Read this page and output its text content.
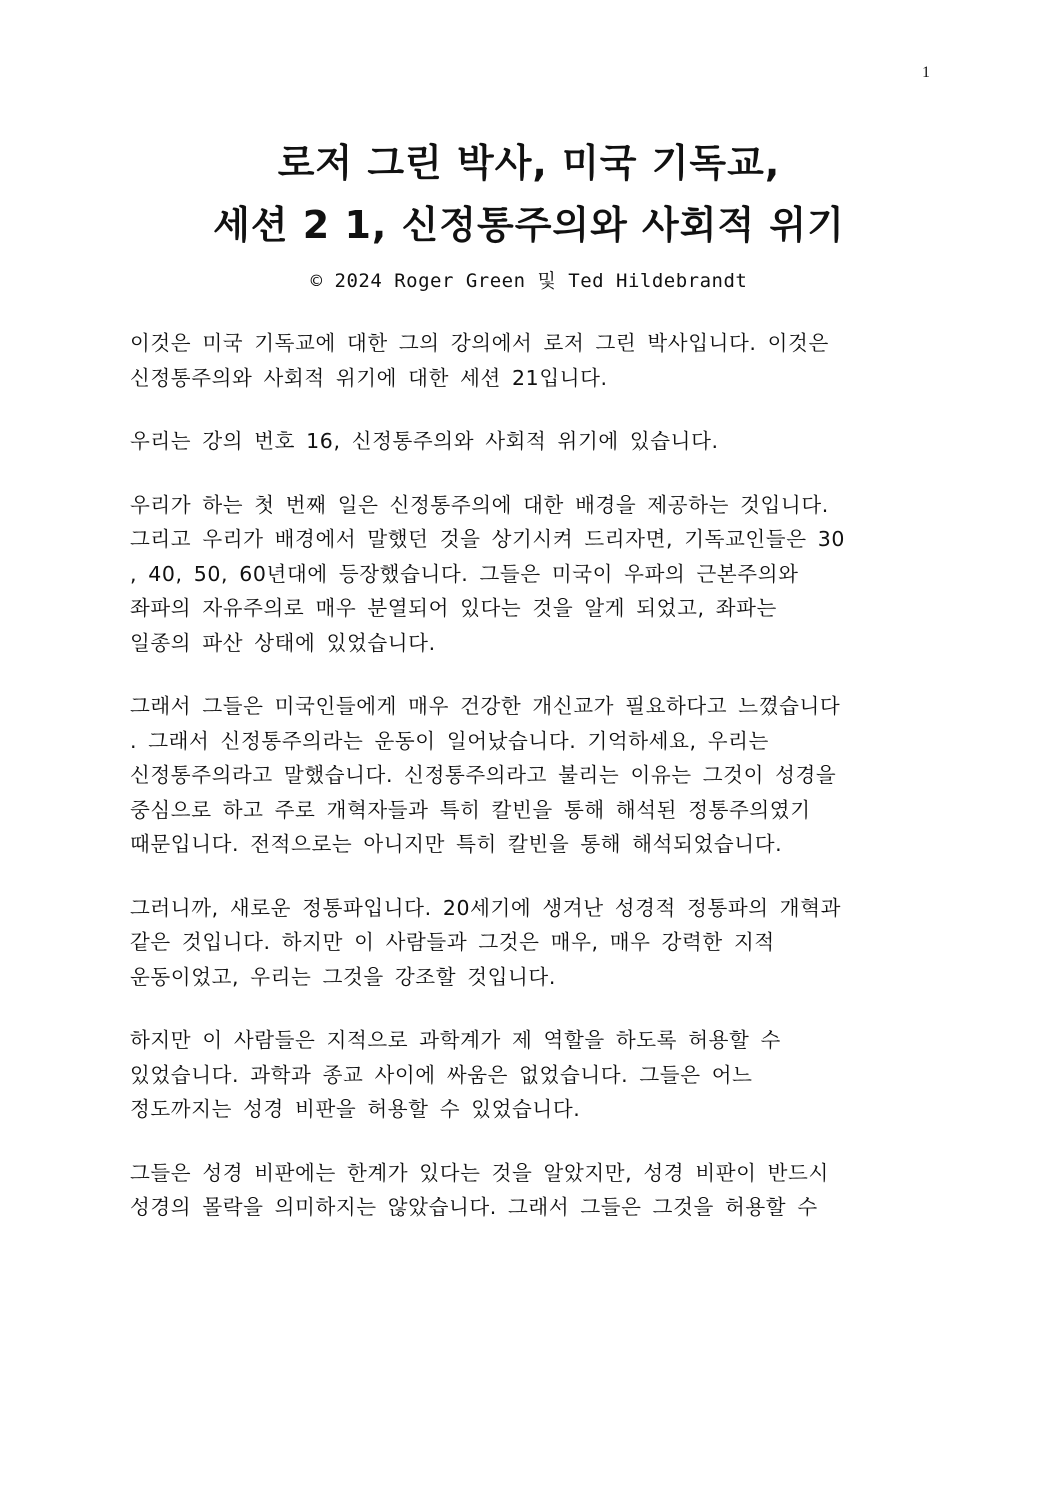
1
로저 그린 박사, 미국 기독교,
세션 2 1, 신정통주의와 사회적 위기
© 2024 Roger Green 및 Ted Hildebrandt

이것은 미국 기독교에 대한 그의 강의에서 로저 그린 박사입니다. 이것은
신정통주의와 사회적 위기에 대한 세션 21입니다.

우리는 강의 번호 16, 신정통주의와 사회적 위기에 있습니다.

우리가 하는 첫 번째 일은 신정통주의에 대한 배경을 제공하는 것입니다.
그리고 우리가 배경에서 말했던 것을 상기시켜 드리자면, 기독교인들은 30
, 40, 50, 60년대에 등장했습니다. 그들은 미국이 우파의 근본주의와
좌파의 자유주의로 매우 분열되어 있다는 것을 알게 되었고, 좌파는
일종의 파산 상태에 있었습니다.

그래서 그들은 미국인들에게 매우 건강한 개신교가 필요하다고 느꼈습니다
. 그래서 신정통주의라는 운동이 일어났습니다. 기억하세요, 우리는
신정통주의라고 말했습니다. 신정통주의라고 불리는 이유는 그것이 성경을
중심으로 하고 주로 개혁자들과 특히 칼빈을 통해 해석된 정통주의였기
때문입니다. 전적으로는 아니지만 특히 칼빈을 통해 해석되었습니다.

그러니까, 새로운 정통파입니다. 20세기에 생겨난 성경적 정통파의 개혁과
같은 것입니다. 하지만 이 사람들과 그것은 매우, 매우 강력한 지적
운동이었고, 우리는 그것을 강조할 것입니다.

하지만 이 사람들은 지적으로 과학계가 제 역할을 하도록 허용할 수
있었습니다. 과학과 종교 사이에 싸움은 없었습니다. 그들은 어느
정도까지는 성경 비판을 허용할 수 있었습니다.

그들은 성경 비판에는 한계가 있다는 것을 알았지만, 성경 비판이 반드시
성경의 몰락을 의미하지는 않았습니다. 그래서 그들은 그것을 허용할 수
